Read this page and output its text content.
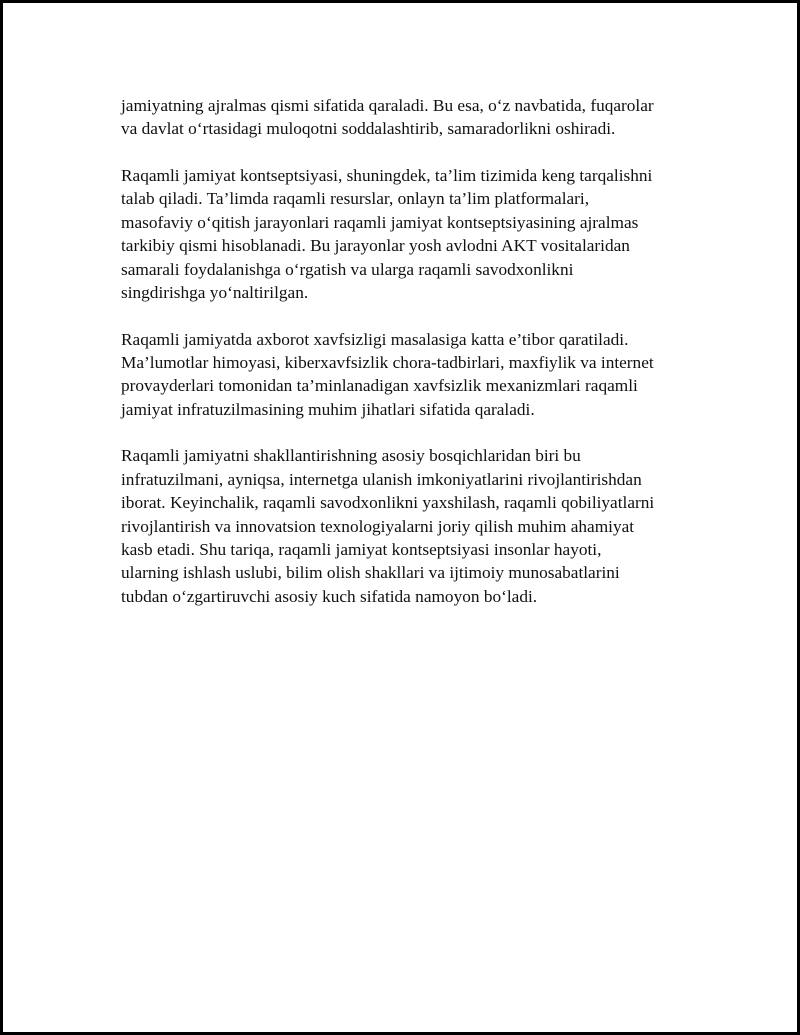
jamiyatning ajralmas qismi sifatida qaraladi. Bu esa, o‘z navbatida, fuqarolar
va davlat o‘rtasidagi muloqotni soddalashtirib, samaradorlikni oshiradi.

Raqamli jamiyat kontseptsiyasi, shuningdek, ta’lim tizimida keng tarqalishni
talab qiladi. Ta’limda raqamli resurslar, onlayn ta’lim platformalari,
masofaviy o‘qitish jarayonlari raqamli jamiyat kontseptsiyasining ajralmas
tarkibiy qismi hisoblanadi. Bu jarayonlar yosh avlodni AKT vositalaridan
samarali foydalanishga o‘rgatish va ularga raqamli savodxonlikni
singdirishga yo‘naltirilgan.

Raqamli jamiyatda axborot xavfsizligi masalasiga katta e’tibor qaratiladi.
Ma’lumotlar himoyasi, kiberxavfsizlik chora-tadbirlari, maxfiylik va internet
provayderlari tomonidan ta’minlanadigan xavfsizlik mexanizmlari raqamli
jamiyat infratuzilmasining muhim jihatlari sifatida qaraladi.

Raqamli jamiyatni shakllantirishning asosiy bosqichlaridan biri bu
infratuzilmani, ayniqsa, internetga ulanish imkoniyatlarini rivojlantirishdan
iborat. Keyinchalik, raqamli savodxonlikni yaxshilash, raqamli qobiliyatlarni
rivojlantirish va innovatsion texnologiyalarni joriy qilish muhim ahamiyat
kasb etadi. Shu tariqa, raqamli jamiyat kontseptsiyasi insonlar hayoti,
ularning ishlash uslubi, bilim olish shakllari va ijtimoiy munosabatlarini
tubdan o‘zgartiruvchi asosiy kuch sifatida namoyon bo‘ladi.
